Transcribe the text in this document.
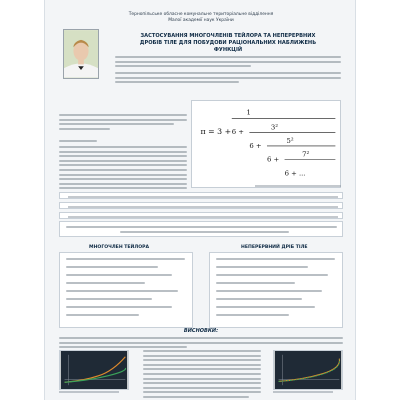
Тернопільське обласне комунальне територіальне відділення
Малої академії наук України
ЗАСТОСУВАННЯ МНОГОЧЛЕНІВ ТЕЙЛОРА ТА НЕПЕРЕРВНИХ
ДРОБІВ ТІЛЕ ДЛЯ ПОБУДОВИ РАЦІОНАЛЬНИХ НАБЛИЖЕНЬ
ФУНКЦІЙ
π = 3 +
1
6 +
3²
6 +
5²
6 +
7²
6 + ...
МНОГОЧЛЕН ТЕЙЛОРА	НЕПЕРЕРВНИЙ ДРІБ ТІЛЕ
ВИСНОВКИ:
